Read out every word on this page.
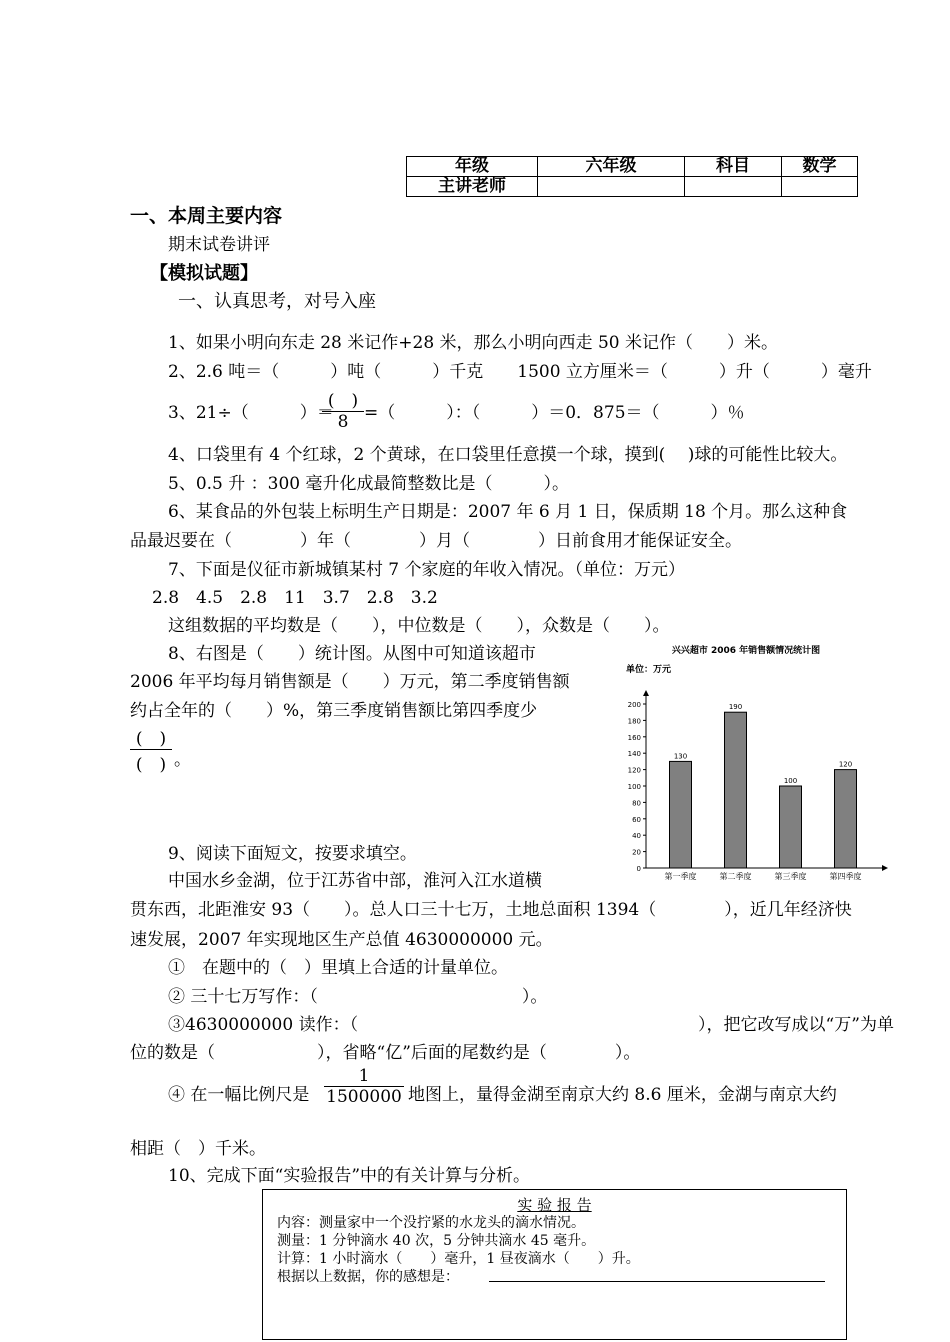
年级	六年级	科目	数学
主讲老师			
一、本周主要内容
期末试卷讲评
【模拟试题】
一、认真思考，对号入座
1、如果小明向东走 28 米记作+28 米，那么小明向西走 50 米记作（　　）米。
2、2.6 吨＝（　　　）吨（　　　）千克　　1500 立方厘米＝（　　　）升（　　　）毫升
3、21÷（　　　）＝
(　)
8 =（　　　）：（　　　）＝0．875＝（　　　）％
4、口袋里有 4 个红球，2 个黄球，在口袋里任意摸一个球，摸到(　 )球的可能性比较大。
5、0.5 升 ：300 毫升化成最简整数比是（　　　）。
6、某食品的外包装上标明生产日期是：2007 年 6 月 1 日，保质期 18 个月。那么这种食
品最迟要在（　　　　）年（　　　　）月（　　　　）日前食用才能保证安全。
7、下面是仪征市新城镇某村 7 个家庭的年收入情况。（单位：万元）
2.8　4.5　2.8　11　3.7　2.8　3.2
这组数据的平均数是（　　），中位数是（　　），众数是（　　）。
8、右图是（　　）统计图。从图中可知道该超市
2006 年平均每月销售额是（　　）万元，第二季度销售额
约占全年的（　　）%，第三季度销售额比第四季度少
(　)
(　) 。
兴兴超市 2006 年销售额情况统计图
单位：万元
0
20
40
60
80
100
120
140
160
180
200
130
第一季度
190
第二季度
100
第三季度
120
第四季度
9、阅读下面短文，按要求填空。
中国水乡金湖，位于江苏省中部，淮河入江水道横
贯东西，北距淮安 93（　　）。总人口三十七万，土地总面积 1394（　　　　），近几年经济快
速发展，2007 年实现地区生产总值 4630000000 元。
①　在题中的（　）里填上合适的计量单位。
② 三十七万写作：（　　　　　　　　　　　　）。
③4630000000 读作：（　　　　　　　　　　　　　　　　　　　　），把它改写成以“万”为单
位的数是（　　　　　　），省略“亿”后面的尾数约是（　　　　）。
④ 在一幅比例尺是 $\frac{1}{1500000}$ 地图上，量得金湖至南京大约 8.6 厘米，金湖与南京大约
相距（　）千米。
10、完成下面“实验报告”中的有关计算与分析。
实 验 报 告
内容：测量家中一个没拧紧的水龙头的滴水情况。
测量：1 分钟滴水 40 次，5 分钟共滴水 45 毫升。
计算：1 小时滴水（　　）毫升，1 昼夜滴水（　　）升。
根据以上数据，你的感想是：
